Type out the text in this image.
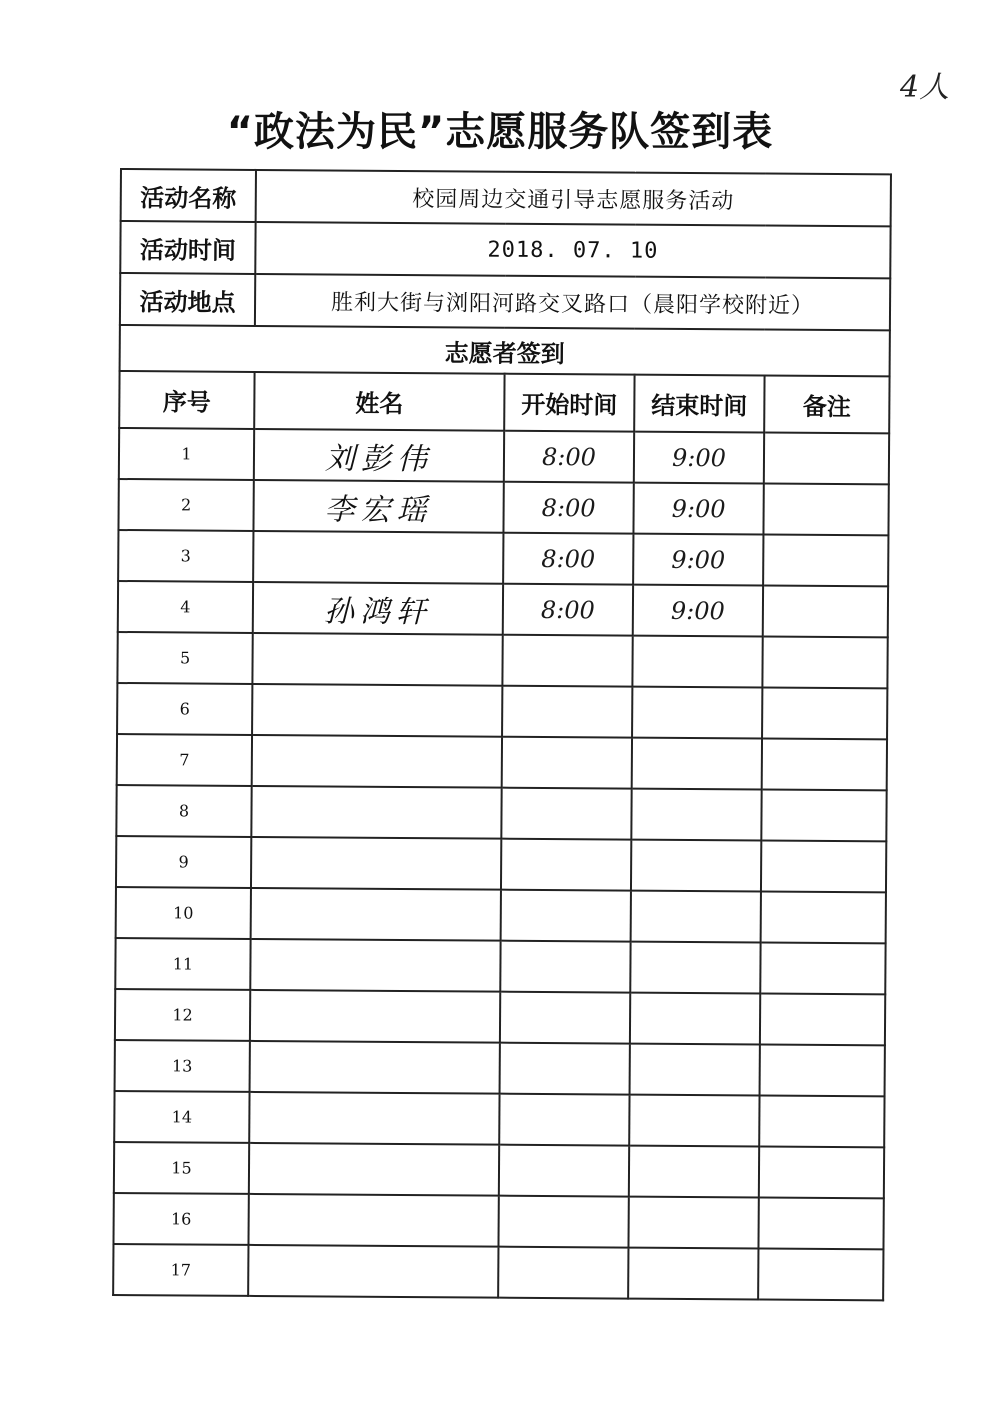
4人
“政法为民”志愿服务队签到表
活动名称	校园周边交通引导志愿服务活动			
活动时间	2018. 07. 10			
活动地点	胜利大街与浏阳河路交叉路口（晨阳学校附近）			
志愿者签到				
序号	姓名	开始时间	结束时间	备注
1	刘彭伟	8:00	9:00	
2	李宏瑶	8:00	9:00	
3		8:00	9:00	
4	孙鸿轩	8:00	9:00	
5				
6				
7				
8				
9				
10				
11				
12				
13				
14				
15				
16				
17				
